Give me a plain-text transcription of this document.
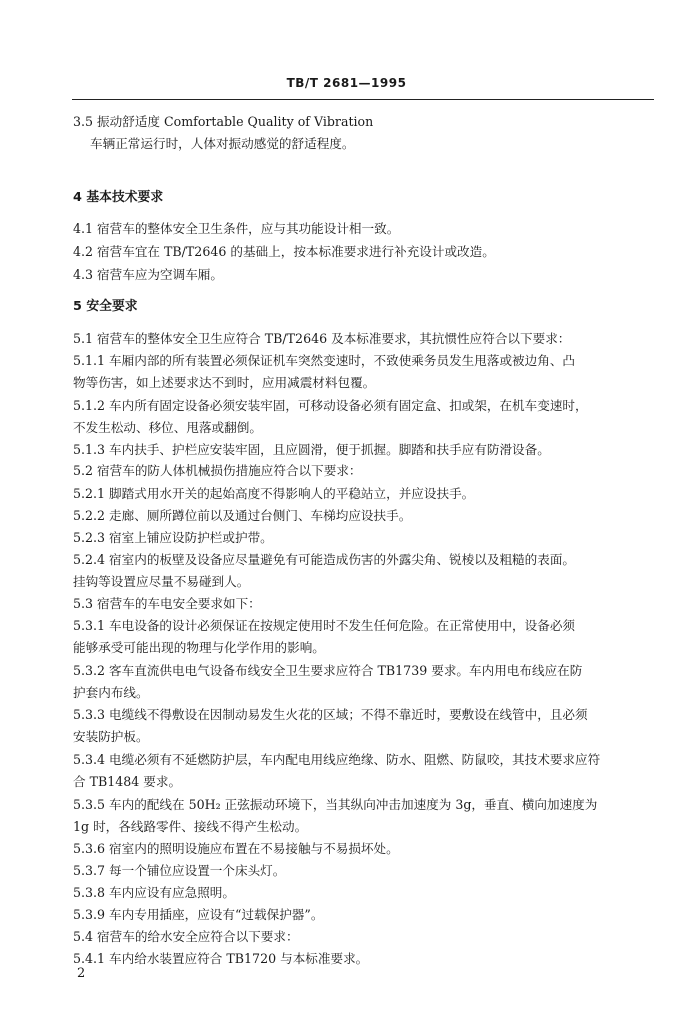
TB/T 2681—1995
3.5 振动舒适度 Comfortable Quality of Vibration
车辆正常运行时，人体对振动感觉的舒适程度。
4 基本技术要求
4.1 宿营车的整体安全卫生条件，应与其功能设计相一致。
4.2 宿营车宜在 TB/T2646 的基础上，按本标准要求进行补充设计或改造。
4.3 宿营车应为空调车厢。
5 安全要求
5.1 宿营车的整体安全卫生应符合 TB/T2646 及本标准要求，其抗惯性应符合以下要求：
5.1.1 车厢内部的所有装置必须保证机车突然变速时，不致使乘务员发生甩落或被边角、凸
物等伤害，如上述要求达不到时，应用减震材料包覆。
5.1.2 车内所有固定设备必须安装牢固，可移动设备必须有固定盒、扣或架，在机车变速时，
不发生松动、移位、甩落或翻倒。
5.1.3 车内扶手、护栏应安装牢固，且应圆滑，便于抓握。脚踏和扶手应有防滑设备。
5.2 宿营车的防人体机械损伤措施应符合以下要求：
5.2.1 脚踏式用水开关的起始高度不得影响人的平稳站立，并应设扶手。
5.2.2 走廊、厕所蹲位前以及通过台侧门、车梯均应设扶手。
5.2.3 宿室上铺应设防护栏或护带。
5.2.4 宿室内的板壁及设备应尽量避免有可能造成伤害的外露尖角、锐棱以及粗糙的表面。
挂钩等设置应尽量不易碰到人。
5.3 宿营车的车电安全要求如下：
5.3.1 车电设备的设计必须保证在按规定使用时不发生任何危险。在正常使用中，设备必须
能够承受可能出现的物理与化学作用的影响。
5.3.2 客车直流供电电气设备布线安全卫生要求应符合 TB1739 要求。车内用电布线应在防
护套内布线。
5.3.3 电缆线不得敷设在因制动易发生火花的区域；不得不靠近时，要敷设在线管中，且必须
安装防护板。
5.3.4 电缆必须有不延燃防护层，车内配电用线应绝缘、防水、阻燃、防鼠咬，其技术要求应符
合 TB1484 要求。
5.3.5 车内的配线在 50H₂ 正弦振动环境下，当其纵向冲击加速度为 3g，垂直、横向加速度为
1g 时，各线路零件、接线不得产生松动。
5.3.6 宿室内的照明设施应布置在不易接触与不易损坏处。
5.3.7 每一个铺位应设置一个床头灯。
5.3.8 车内应设有应急照明。
5.3.9 车内专用插座，应设有“过载保护器”。
5.4 宿营车的给水安全应符合以下要求：
5.4.1 车内给水装置应符合 TB1720 与本标准要求。
2
